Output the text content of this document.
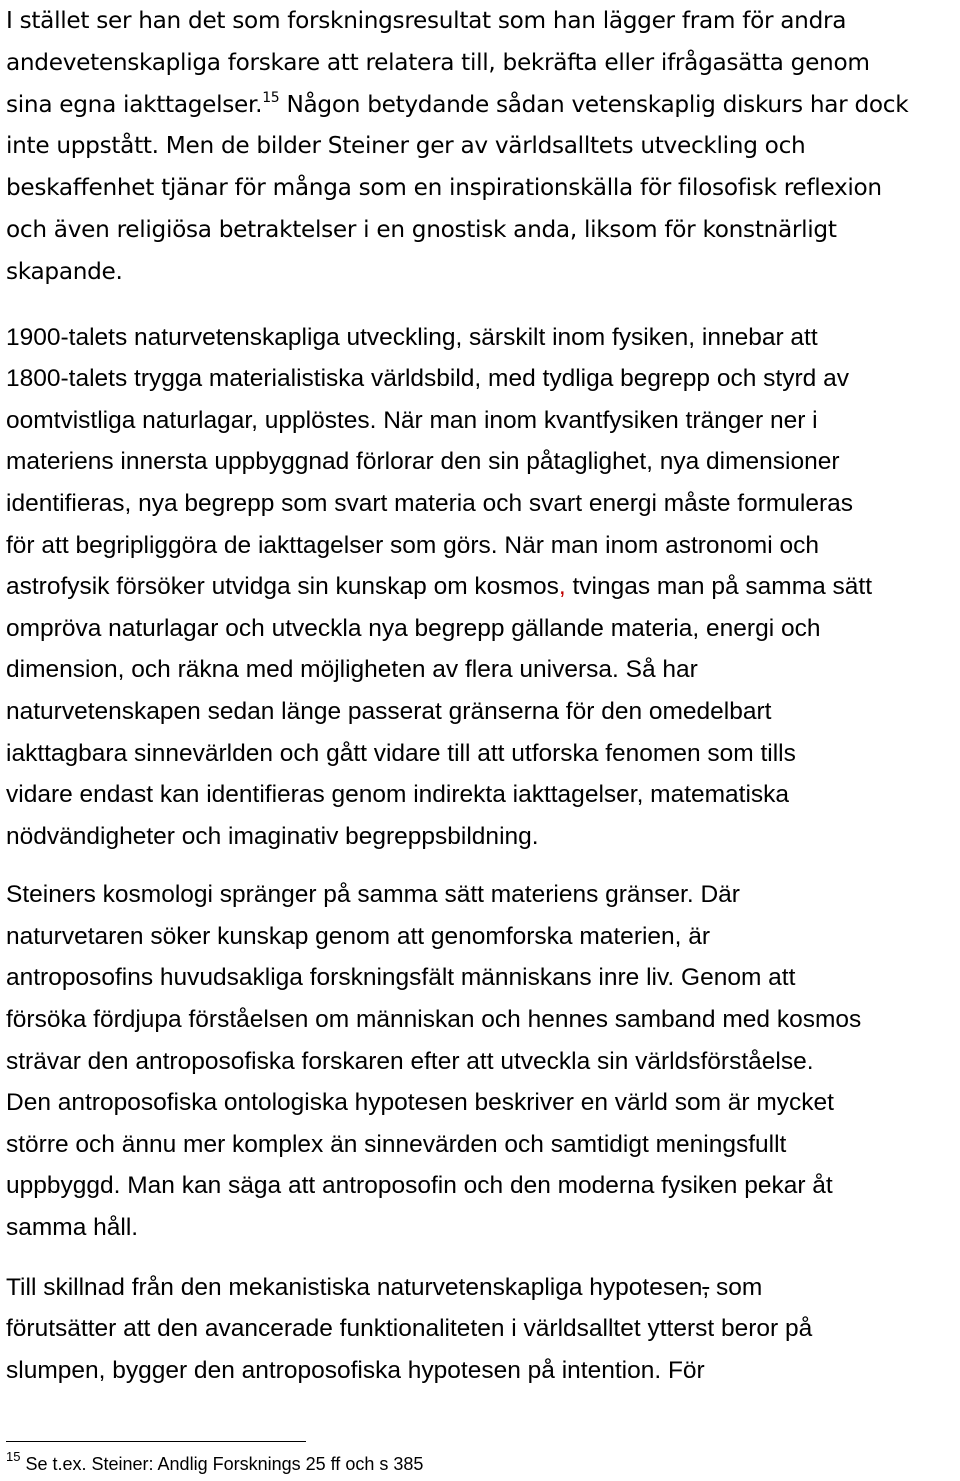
I stället ser han det som forskningsresultat som han lägger fram för andra
andevetenskapliga forskare att relatera till, bekräfta eller ifrågasätta genom
sina egna iakttagelser.$^{15}$ Någon betydande sådan vetenskaplig diskurs har dock
inte uppstått. Men de bilder Steiner ger av världsalltets utveckling och
beskaffenhet tjänar för många som en inspirationskälla för filosofisk reflexion
och även religiösa betraktelser i en gnostisk anda, liksom för konstnärligt
skapande.

1900-talets naturvetenskapliga utveckling, särskilt inom fysiken, innebar att
1800-talets trygga materialistiska världsbild, med tydliga begrepp och styrd av
oomtvistliga naturlagar, upplöstes. När man inom kvantfysiken tränger ner i
materiens innersta uppbyggnad förlorar den sin påtaglighet, nya dimensioner
identifieras, nya begrepp som svart materia och svart energi måste formuleras
för att begripliggöra de iakttagelser som görs. När man inom astronomi och
astrofysik försöker utvidga sin kunskap om kosmos, tvingas man på samma sätt
ompröva naturlagar och utveckla nya begrepp gällande materia, energi och
dimension, och räkna med möjligheten av flera universa. Så har
naturvetenskapen sedan länge passerat gränserna för den omedelbart
iakttagbara sinnevärlden och gått vidare till att utforska fenomen som tills
vidare endast kan identifieras genom indirekta iakttagelser, matematiska
nödvändigheter och imaginativ begreppsbildning.

Steiners kosmologi spränger på samma sätt materiens gränser. Där
naturvetaren söker kunskap genom att genomforska materien, är
antroposofins huvudsakliga forskningsfält människans inre liv. Genom att
försöka fördjupa förståelsen om människan och hennes samband med kosmos
strävar den antroposofiska forskaren efter att utveckla sin världsförståelse.
Den antroposofiska ontologiska hypotesen beskriver en värld som är mycket
större och ännu mer komplex än sinnevärden och samtidigt meningsfullt
uppbyggd. Man kan säga att antroposofin och den moderna fysiken pekar åt
samma håll.

Till skillnad från den mekanistiska naturvetenskapliga hypotesen, som
förutsätter att den avancerade funktionaliteten i världsalltet ytterst beror på
slumpen, bygger den antroposofiska hypotesen på intention. För

$^{15}$ Se t.ex. Steiner: Andlig Forsknings 25 ff och s 385
